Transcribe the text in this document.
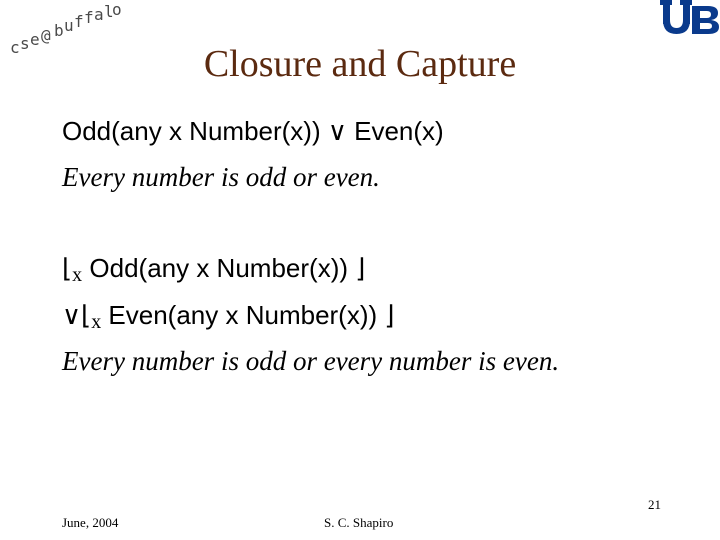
c s e @ b u f f a l
o
Closure and Capture
Odd(any x Number(x)) ∨ Even(x)
Every number is odd or even.
⌊x Odd(any x Number(x)) ⌋
∨⌊x Even(any x Number(x)) ⌋
Every number is odd or every number is even.
21
June, 2004	S. C. Shapiro
